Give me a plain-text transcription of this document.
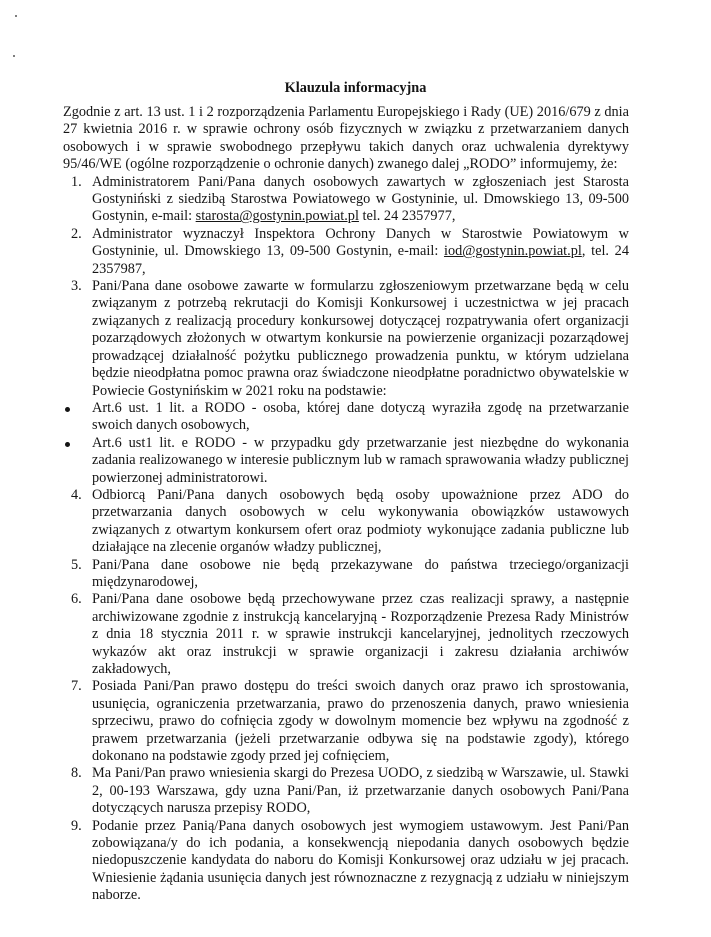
Klauzula informacyjna

Zgodnie z art. 13 ust. 1 i 2 rozporządzenia Parlamentu Europejskiego i Rady (UE) 2016/679 z dnia 27 kwietnia 2016 r. w sprawie ochrony osób fizycznych w związku z przetwarzaniem danych osobowych i w sprawie swobodnego przepływu takich danych oraz uchwalenia dyrektywy 95/46/WE (ogólne rozporządzenie o ochronie danych) zwanego dalej „RODO” informujemy, że:

1. Administratorem Pani/Pana danych osobowych zawartych w zgłoszeniach jest Starosta Gostyniński z siedzibą Starostwa Powiatowego w Gostyninie, ul. Dmowskiego 13, 09-500 Gostynin, e-mail: starosta@gostynin.powiat.pl tel. 24 2357977,
2. Administrator wyznaczył Inspektora Ochrony Danych w Starostwie Powiatowym w Gostyninie, ul. Dmowskiego 13, 09-500 Gostynin, e-mail: iod@gostynin.powiat.pl, tel. 24 2357987,
3. Pani/Pana dane osobowe zawarte w formularzu zgłoszeniowym przetwarzane będą w celu związanym z potrzebą rekrutacji do Komisji Konkursowej i uczestnictwa w jej pracach związanych z realizacją procedury konkursowej dotyczącej rozpatrywania ofert organizacji pozarządowych złożonych w otwartym konkursie na powierzenie organizacji pozarządowej prowadzącej działalność pożytku publicznego prowadzenia punktu, w którym udzielana będzie nieodpłatna pomoc prawna oraz świadczone nieodpłatne poradnictwo obywatelskie w Powiecie Gostynińskim w 2021 roku na podstawie:
Art.6 ust. 1 lit. a RODO - osoba, której dane dotyczą wyraziła zgodę na przetwarzanie swoich danych osobowych,
Art.6 ust1 lit. e RODO - w przypadku gdy przetwarzanie jest niezbędne do wykonania zadania realizowanego w interesie publicznym lub w ramach sprawowania władzy publicznej powierzonej administratorowi.
4. Odbiorcą Pani/Pana danych osobowych będą osoby upoważnione przez ADO do przetwarzania danych osobowych w celu wykonywania obowiązków ustawowych związanych z otwartym konkursem ofert oraz podmioty wykonujące zadania publiczne lub działające na zlecenie organów władzy publicznej,
5. Pani/Pana dane osobowe nie będą przekazywane do państwa trzeciego/organizacji międzynarodowej,
6. Pani/Pana dane osobowe będą przechowywane przez czas realizacji sprawy, a następnie archiwizowane zgodnie z instrukcją kancelaryjną - Rozporządzenie Prezesa Rady Ministrów z dnia 18 stycznia 2011 r. w sprawie instrukcji kancelaryjnej, jednolitych rzeczowych wykazów akt oraz instrukcji w sprawie organizacji i zakresu działania archiwów zakładowych,
7. Posiada Pani/Pan prawo dostępu do treści swoich danych oraz prawo ich sprostowania, usunięcia, ograniczenia przetwarzania, prawo do przenoszenia danych, prawo wniesienia sprzeciwu, prawo do cofnięcia zgody w dowolnym momencie bez wpływu na zgodność z prawem przetwarzania (jeżeli przetwarzanie odbywa się na podstawie zgody), którego dokonano na podstawie zgody przed jej cofnięciem,
8. Ma Pani/Pan prawo wniesienia skargi do Prezesa UODO, z siedzibą w Warszawie, ul. Stawki 2, 00-193 Warszawa, gdy uzna Pani/Pan, iż przetwarzanie danych osobowych Pani/Pana dotyczących narusza przepisy RODO,
9. Podanie przez Panią/Pana danych osobowych jest wymogiem ustawowym. Jest Pani/Pan zobowiązana/y do ich podania, a konsekwencją niepodania danych osobowych będzie niedopuszczenie kandydata do naboru do Komisji Konkursowej oraz udziału w jej pracach. Wniesienie żądania usunięcia danych jest równoznaczne z rezygnacją z udziału w niniejszym naborze.
